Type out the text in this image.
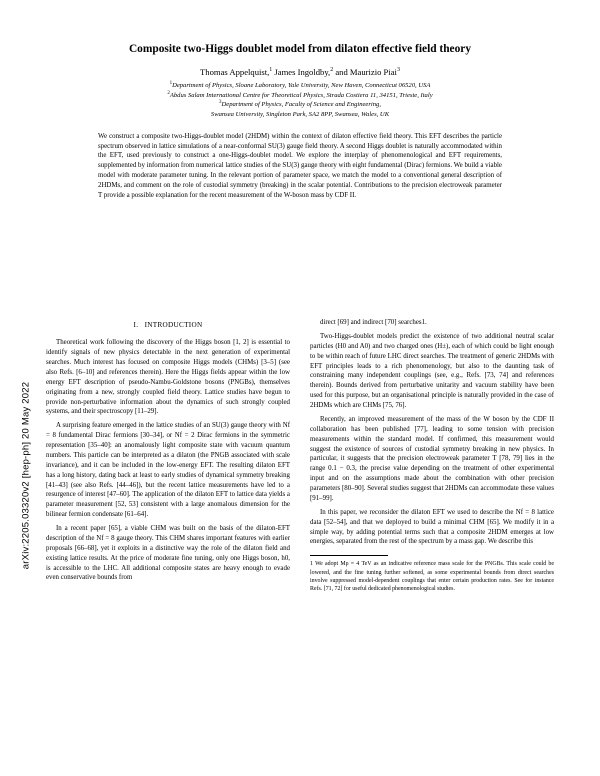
arXiv:2205.03320v2 [hep-ph] 20 May 2022
Composite two-Higgs doublet model from dilaton effective field theory
Thomas Appelquist,$^1$ James Ingoldby,$^2$ and Maurizio Piai$^3$
$^1$Department of Physics, Sloane Laboratory, Yale University, New Haven, Connecticut 06520, USA
$^2$Abdus Salam International Centre for Theoretical Physics, Strada Costiera 11, 34151, Trieste, Italy
$^3$Department of Physics, Faculty of Science and Engineering,
Swansea University, Singleton Park, SA2 8PP, Swansea, Wales, UK
We construct a composite two-Higgs-doublet model (2HDM) within the context of dilaton effective field theory. This EFT describes the particle spectrum observed in lattice simulations of a near-conformal SU(3) gauge field theory. A second Higgs doublet is naturally accommodated within the EFT, used previously to construct a one-Higgs-doublet model. We explore the interplay of phenomenological and EFT requirements, supplemented by information from numerical lattice studies of the SU(3) gauge theory with eight fundamental (Dirac) fermions. We build a viable model with moderate parameter tuning. In the relevant portion of parameter space, we match the model to a conventional general description of 2HDMs, and comment on the role of custodial symmetry (breaking) in the scalar potential. Contributions to the precision electroweak parameter T provide a possible explanation for the recent measurement of the W-boson mass by CDF II.
I.   INTRODUCTION

Theoretical work following the discovery of the Higgs boson [1, 2] is essential to identify signals of new physics detectable in the next generation of experimental searches. Much interest has focused on composite Higgs models (CHMs) [3–5] (see also Refs. [6–10] and references therein). Here the Higgs fields appear within the low energy EFT description of pseudo-Nambu-Goldstone bosons (PNGBs), themselves originating from a new, strongly coupled field theory. Lattice studies have begun to provide non-perturbative information about the dynamics of such strongly coupled systems, and their spectroscopy [11–29].

A surprising feature emerged in the lattice studies of an SU(3) gauge theory with Nf = 8 fundamental Dirac fermions [30–34], or Nf = 2 Dirac fermions in the symmetric representation [35–40]: an anomalously light composite state with vacuum quantum numbers. This particle can be interpreted as a dilaton (the PNGB associated with scale invariance), and it can be included in the low-energy EFT. The resulting dilaton EFT has a long history, dating back at least to early studies of dynamical symmetry breaking [41–43] (see also Refs. [44–46]), but the recent lattice measurements have led to a resurgence of interest [47–60]. The application of the dilaton EFT to lattice data yields a parameter measurement [52, 53] consistent with a large anomalous dimension for the bilinear fermion condensate [61–64].

In a recent paper [65], a viable CHM was built on the basis of the dilaton-EFT description of the Nf = 8 gauge theory. This CHM shares important features with earlier proposals [66–68], yet it exploits in a distinctive way the role of the dilaton field and existing lattice results. At the price of moderate fine tuning, only one Higgs boson, h0, is accessible to the LHC. All additional composite states are heavy enough to evade even conservative bounds from

direct [69] and indirect [70] searches1.

Two-Higgs-doublet models predict the existence of two additional neutral scalar particles (H0 and A0) and two charged ones (H±), each of which could be light enough to be within reach of future LHC direct searches. The treatment of generic 2HDMs with EFT principles leads to a rich phenomenology, but also to the daunting task of constraining many independent couplings (see, e.g., Refs. [73, 74] and references therein). Bounds derived from perturbative unitarity and vacuum stability have been used for this purpose, but an organisational principle is naturally provided in the case of 2HDMs which are CHMs [75, 76].

Recently, an improved measurement of the mass of the W boson by the CDF II collaboration has been published [77], leading to some tension with precision measurements within the standard model. If confirmed, this measurement would suggest the existence of sources of custodial symmetry breaking in new physics. In particular, it suggests that the precision electroweak parameter T [78, 79] lies in the range 0.1 − 0.3, the precise value depending on the treatment of other experimental input and on the assumptions made about the combination with other precision parameters [80–90]. Several studies suggest that 2HDMs can accommodate these values [91–99].

In this paper, we reconsider the dilaton EFT we used to describe the Nf = 8 lattice data [52–54], and that we deployed to build a minimal CHM [65]. We modify it in a simple way, by adding potential terms such that a composite 2HDM emerges at low energies, separated from the rest of the spectrum by a mass gap. We describe this

1 We adopt Mρ = 4 TeV as an indicative reference mass scale for the PNGBs. This scale could be lowered, and the fine tuning further softened, as some experimental bounds from direct searches involve suppressed model-dependent couplings that enter certain production rates. See for instance Refs. [71, 72] for useful dedicated phenomenological studies.
